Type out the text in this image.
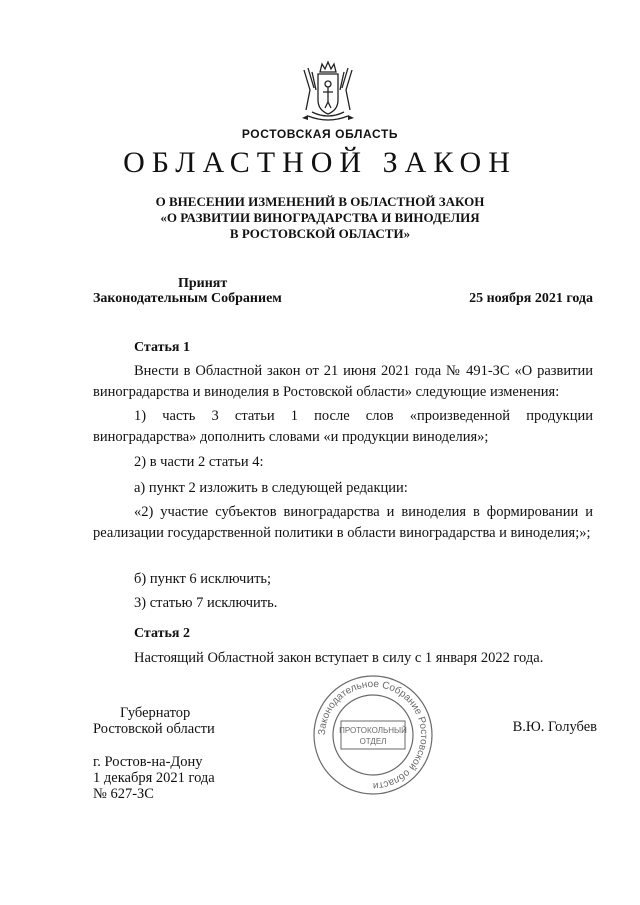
РОСТОВСКАЯ ОБЛАСТЬ
ОБЛАСТНОЙ ЗАКОН
О ВНЕСЕНИИ ИЗМЕНЕНИЙ В ОБЛАСТНОЙ ЗАКОН
«О РАЗВИТИИ ВИНОГРАДАРСТВА И ВИНОДЕЛИЯ
В РОСТОВСКОЙ ОБЛАСТИ»
Принят
Законодательным Собранием	25 ноября 2021 года
Статья 1
Внести в Областной закон от 21 июня 2021 года № 491-ЗС «О развитии виноградарства и виноделия в Ростовской области» следующие изменения:
1) часть 3 статьи 1 после слов «произведенной продукции виноградарства» дополнить словами «и продукции виноделия»;
2) в части 2 статьи 4:
а) пункт 2 изложить в следующей редакции:
«2) участие субъектов виноградарства и виноделия в формировании и реализации государственной политики в области виноградарства и виноделия;»;
б) пункт 6 исключить;
3) статью 7 исключить.
Статья 2
Настоящий Областной закон вступает в силу с 1 января 2022 года.
Губернатор
Ростовской области	В.Ю. Голубев
г. Ростов-на-Дону
1 декабря 2021 года
№ 627-ЗС
Законодательное Собрание Ростовской области
ПРОТОКОЛЬНЫЙ
ОТДЕЛ
